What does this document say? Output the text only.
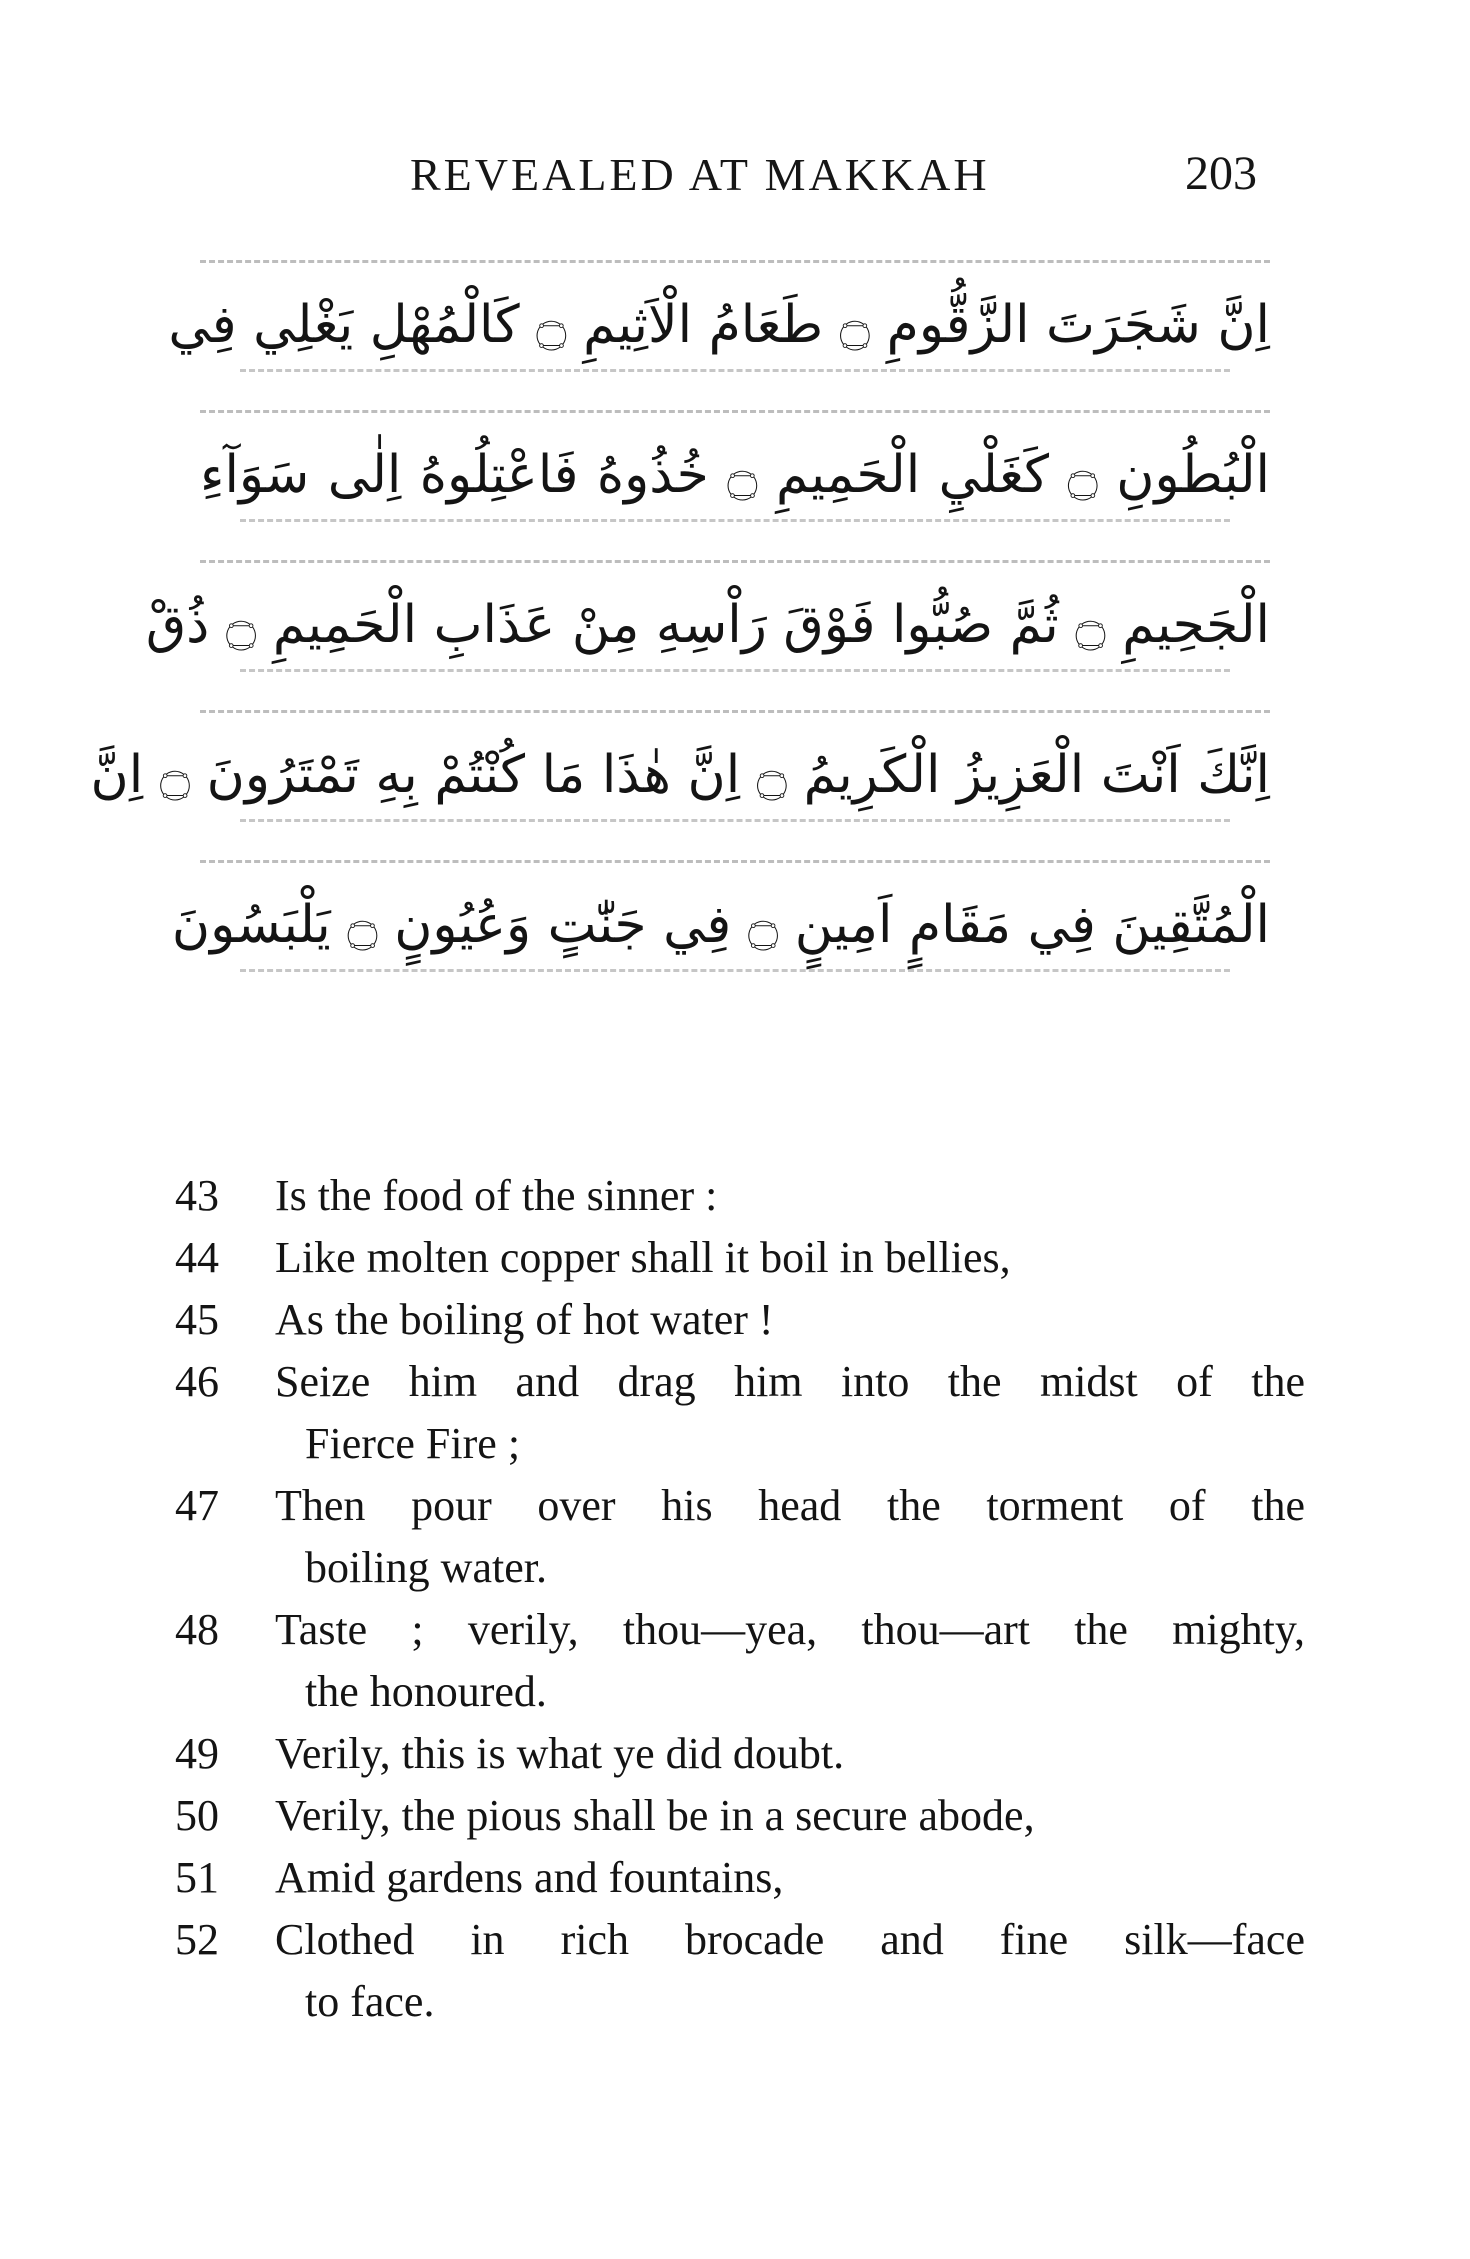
REVEALED AT MAKKAH	203
اِنَّ شَجَرَتَ الزَّقُّومِ ۝ طَعَامُ الْاَثِيمِ ۝ كَالْمُهْلِ يَغْلِي فِي
الْبُطُونِ ۝ كَغَلْيِ الْحَمِيمِ ۝ خُذُوهُ فَاعْتِلُوهُ اِلٰى سَوَآءِ
الْجَحِيمِ ۝ ثُمَّ صُبُّوا فَوْقَ رَاْسِهِ مِنْ عَذَابِ الْحَمِيمِ ۝ ذُقْ
اِنَّكَ اَنْتَ الْعَزِيزُ الْكَرِيمُ ۝ اِنَّ هٰذَا مَا كُنْتُمْ بِهِ تَمْتَرُونَ ۝ اِنَّ
الْمُتَّقِينَ فِي مَقَامٍ اَمِينٍ ۝ فِي جَنّٰتٍ وَعُيُونٍ ۝ يَلْبَسُونَ
43	Is the food of the sinner :
44	Like molten copper shall it boil in bellies,
45	As the boiling of hot water !
46	Seize him and drag him into the midst of the
Fierce Fire ;
47	Then pour over his head the torment of the
boiling water.
48	Taste ; verily, thou—yea, thou—art the mighty,
the honoured.
49	Verily, this is what ye did doubt.
50	Verily, the pious shall be in a secure abode,
51	Amid gardens and fountains,
52	Clothed in rich brocade and fine silk—face
to face.
